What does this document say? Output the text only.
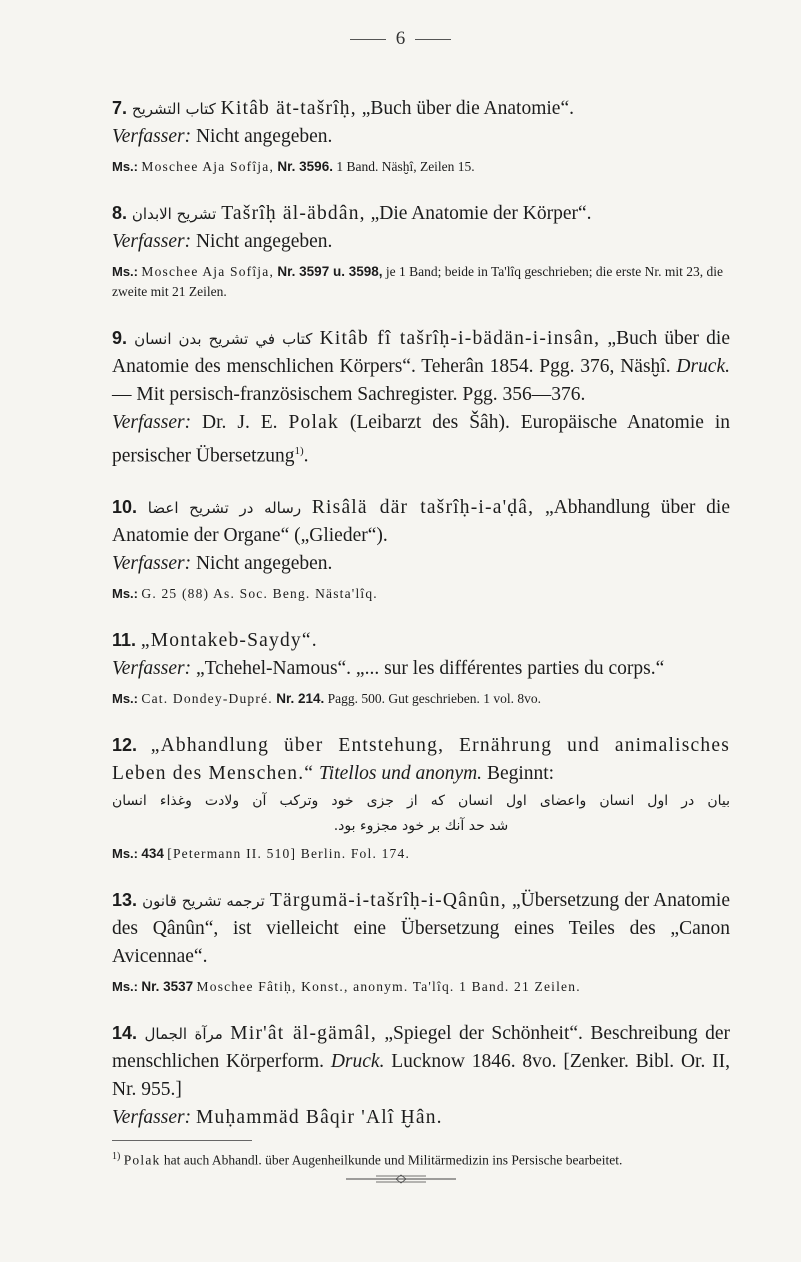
6

7. كتاب التشريح Kitâb ät-tašrîḥ, „Buch über die Anatomie“.

Verfasser: Nicht angegeben.

Ms.: Moschee Aja Sofîja, Nr. 3596. 1 Band. Näsḫî, Zeilen 15.

8. تشريح الابدان Tašrîḥ äl-äbdân, „Die Anatomie der Körper“.

Verfasser: Nicht angegeben.

Ms.: Moschee Aja Sofîja, Nr. 3597 u. 3598, je 1 Band; beide in Ta'lîq geschrieben; die erste Nr. mit 23, die zweite mit 21 Zeilen.

9. كتاب في تشريح بدن انسان Kitâb fî tašrîḥ-i-bädän-i-insân, „Buch über die Anatomie des menschlichen Körpers“. Teherân 1854. Pgg. 376, Näsḫî. Druck. — Mit persisch-französischem Sachregister. Pgg. 356—376.

Verfasser: Dr. J. E. Polak (Leibarzt des Šâh). Europäische Anatomie in persischer Übersetzung$^{1)}$.

10. رساله در تشريح اعضا Risâlä där tašrîḥ-i-a'ḍâ, „Abhandlung über die Anatomie der Organe“ („Glieder“).

Verfasser: Nicht angegeben.

Ms.: G. 25 (88) As. Soc. Beng. Nästa'lîq.

11. „Montakeb-Saydy“.

Verfasser: „Tchehel-Namous“. „... sur les différentes parties du corps.“

Ms.: Cat. Dondey-Dupré. Nr. 214. Pagg. 500. Gut geschrieben. 1 vol. 8vo.

12. „Abhandlung über Entstehung, Ernährung und animalisches Leben des Menschen.“ Titellos und anonym. Beginnt:

بيان در اول انسان واعضاى اول انسان كه از جزى خود وتركب آن ولادت وغذاء انسان

شد حد آنك بر خود مجزوء بود.

Ms.: 434 [Petermann II. 510] Berlin. Fol. 174.

13. ترجمه تشريح قانون Tärgumä-i-tašrîḥ-i-Qânûn, „Übersetzung der Anatomie des Qânûn“, ist vielleicht eine Übersetzung eines Teiles des „Canon Avicennae“.

Ms.: Nr. 3537 Moschee Fâtiḥ, Konst., anonym. Ta'lîq. 1 Band. 21 Zeilen.

14. مرآة الجمال Mir'ât äl-gämâl, „Spiegel der Schönheit“. Beschreibung der menschlichen Körperform. Druck. Lucknow 1846. 8vo. [Zenker. Bibl. Or. II, Nr. 955.]

Verfasser: Muḥammäd Bâqir 'Alî Ḫân.

$^{1)}$ Polak hat auch Abhandl. über Augenheilkunde und Militärmedizin ins Persische bearbeitet.
